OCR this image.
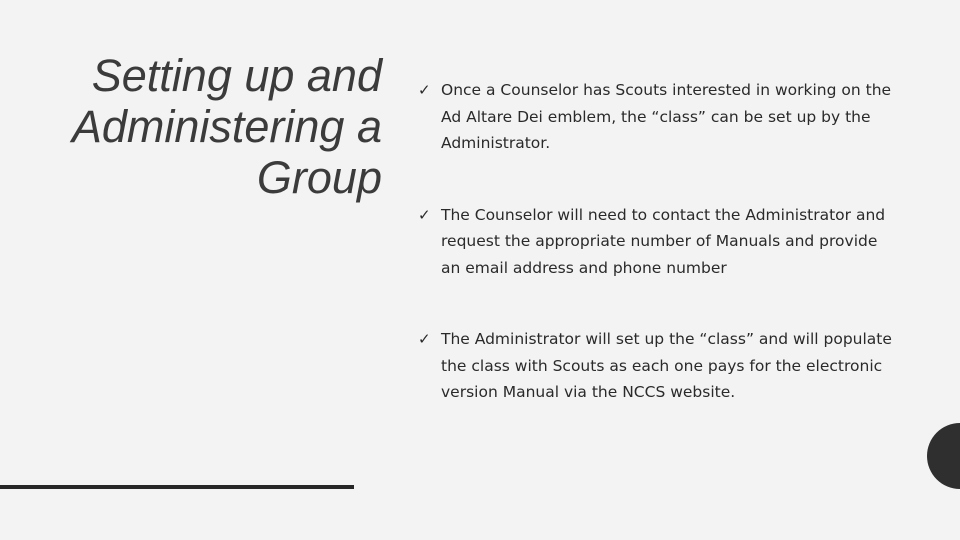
Setting up and Administering a Group
✓ Once a Counselor has Scouts interested in working on the Ad Altare Dei emblem, the “class” can be set up by the Administrator.
✓ The Counselor will need to contact the Administrator and request the appropriate number of Manuals and provide an email address and phone number
✓ The Administrator will set up the “class” and will populate the class with Scouts as each one pays for the electronic version Manual via the NCCS website.
